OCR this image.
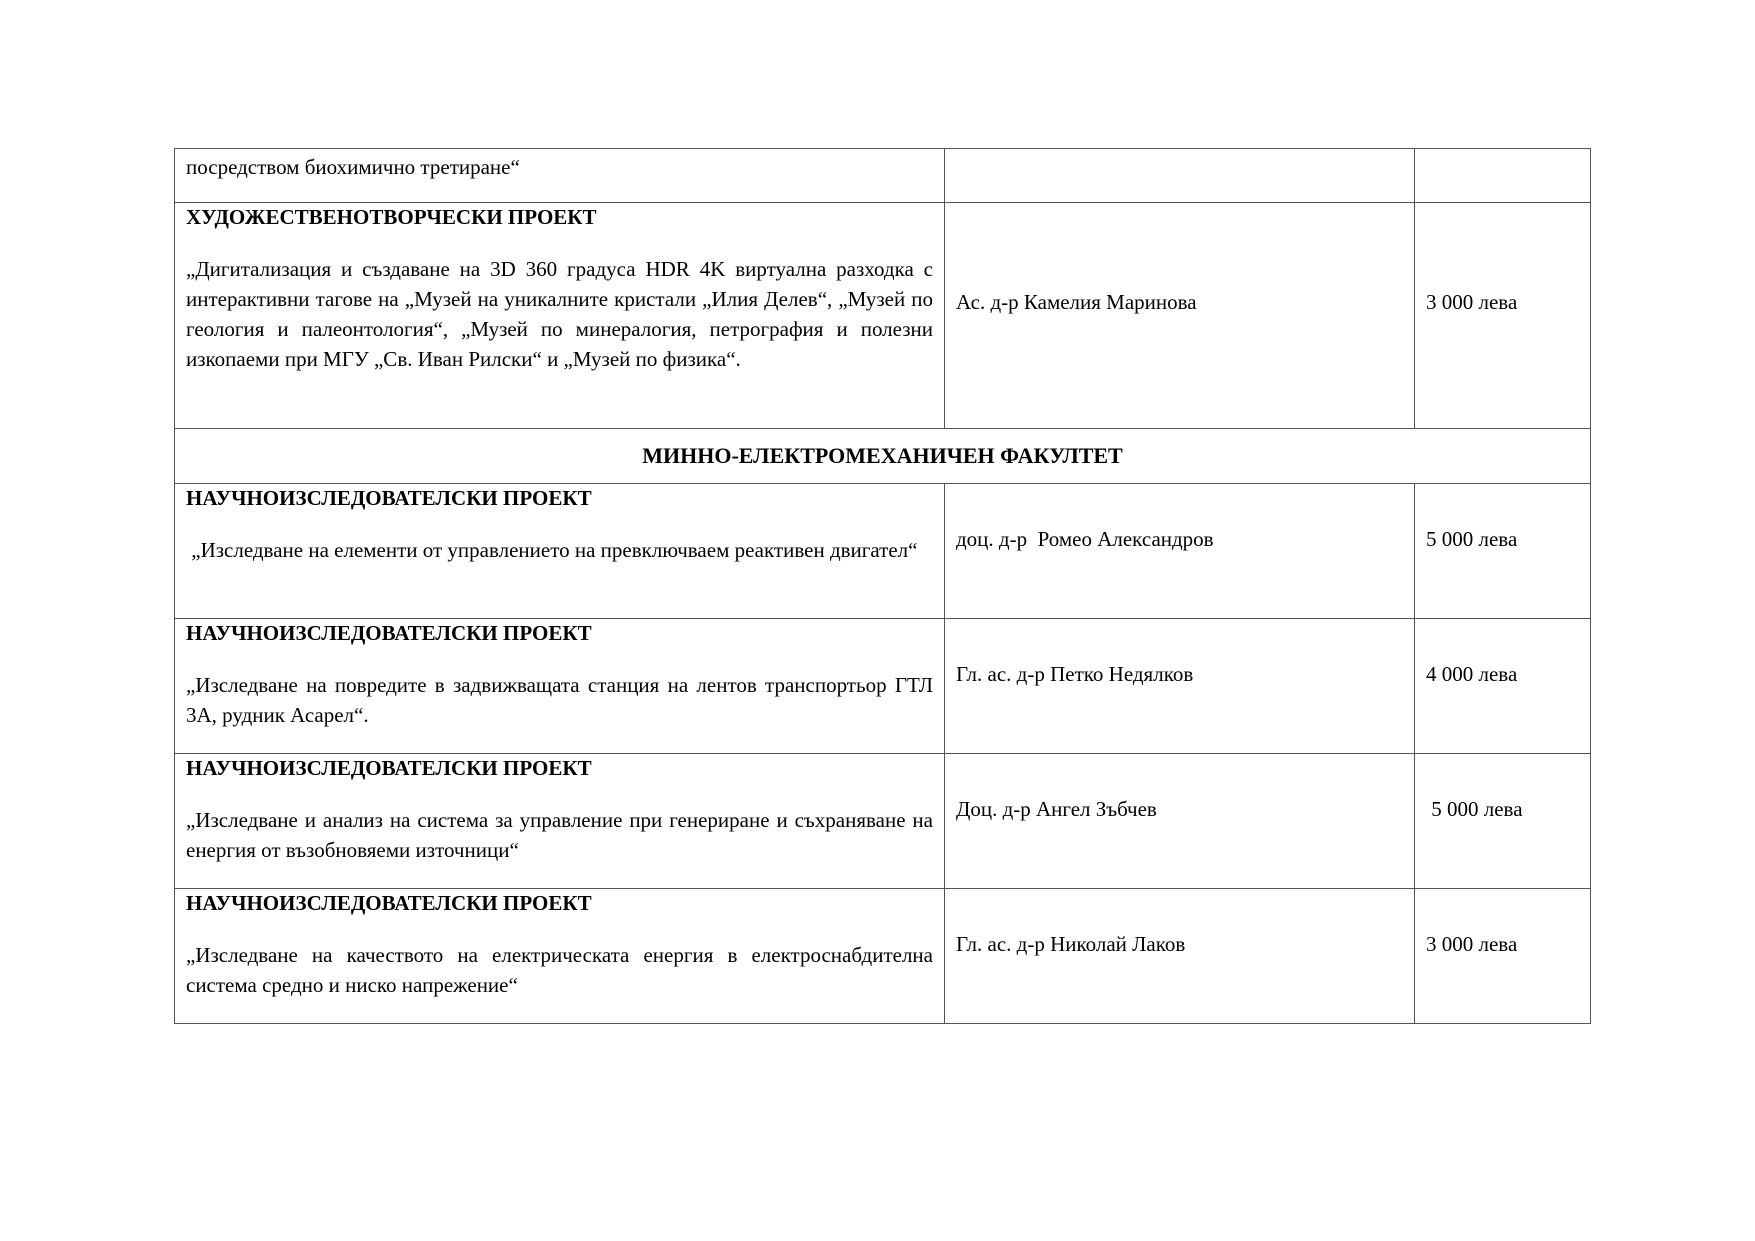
посредством биохимично третиране“		

ХУДОЖЕСТВЕНОТВОРЧЕСКИ ПРОЕКТ

„Дигитализация и създаване на 3D 360 градуса HDR 4K виртуална разходка с интерактивни тагове на „Музей на уникалните кристали „Илия Делев“, „Музей по геология и палеонтология“, „Музей по минералогия, петрография и полезни изкопаеми при МГУ „Св. Иван Рилски“ и „Музей по физика“.	Ас. д-р Камелия Маринова	3 000 лева

МИННО-ЕЛЕКТРОМЕХАНИЧЕН ФАКУЛТЕТ		

НАУЧНОИЗСЛЕДОВАТЕЛСКИ ПРОЕКТ

„Изследване на елементи от управлението на превключваем реактивен двигател“	доц. д-р  Ромео Александров	5 000 лева

НАУЧНОИЗСЛЕДОВАТЕЛСКИ ПРОЕКТ

„Изследване на повредите в задвижващата станция на лентов транспортьор ГТЛ 3А, рудник Асарел“.	Гл. ас. д-р Петко Недялков	4 000 лева

НАУЧНОИЗСЛЕДОВАТЕЛСКИ ПРОЕКТ

„Изследване и анализ на система за управление при генериране и съхраняване на енергия от възобновяеми източници“	Доц. д-р Ангел Зъбчев	5 000 лева

НАУЧНОИЗСЛЕДОВАТЕЛСКИ ПРОЕКТ

„Изследване на качеството на електрическата енергия в електроснабдителна система средно и ниско напрежение“	Гл. ас. д-р Николай Лаков	3 000 лева
